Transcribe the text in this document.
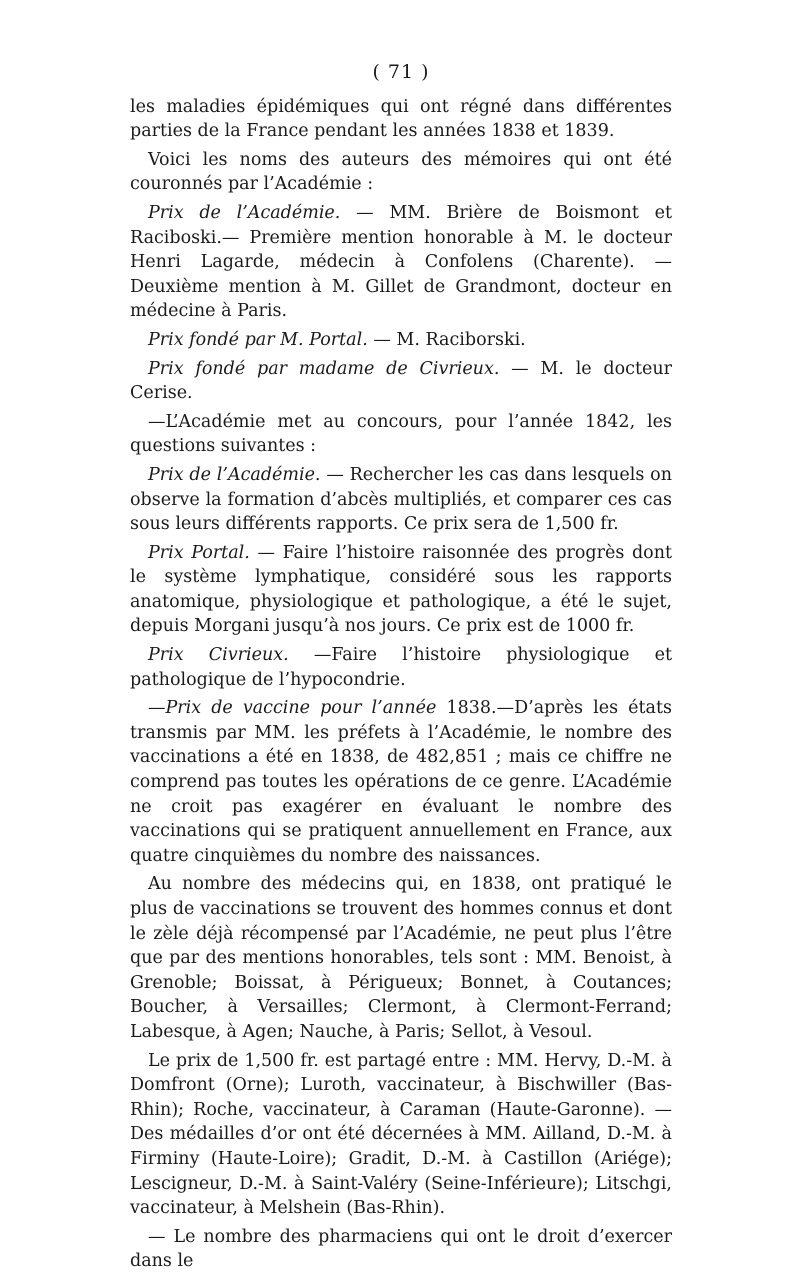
( 71 )

les maladies épidémiques qui ont régné dans différentes parties de la France pendant les années 1838 et 1839.

Voici les noms des auteurs des mémoires qui ont été couronnés par l’Académie :

Prix de l’Académie. — MM. Brière de Boismont et Raciboski.— Première mention honorable à M. le docteur Henri Lagarde, médecin à Confolens (Charente). — Deuxième mention à M. Gillet de Grandmont, docteur en médecine à Paris.

Prix fondé par M. Portal. — M. Raciborski.

Prix fondé par madame de Civrieux. — M. le docteur Cerise.

—L’Académie met au concours, pour l’année 1842, les questions suivantes :

Prix de l’Académie. — Rechercher les cas dans lesquels on observe la formation d’abcès multipliés, et comparer ces cas sous leurs différents rapports. Ce prix sera de 1,500 fr.

Prix Portal. — Faire l’histoire raisonnée des progrès dont le système lymphatique, considéré sous les rapports anatomique, physiologique et pathologique, a été le sujet, depuis Morgani jusqu’à nos jours. Ce prix est de 1000 fr.

Prix Civrieux. —Faire l’histoire physiologique et pathologique de l’hypocondrie.

—Prix de vaccine pour l’année 1838.—D’après les états transmis par MM. les préfets à l’Académie, le nombre des vaccinations a été en 1838, de 482,851 ; mais ce chiffre ne comprend pas toutes les opérations de ce genre. L’Académie ne croit pas exagérer en évaluant le nombre des vaccinations qui se pratiquent annuellement en France, aux quatre cinquièmes du nombre des naissances.

Au nombre des médecins qui, en 1838, ont pratiqué le plus de vaccinations se trouvent des hommes connus et dont le zèle déjà récompensé par l’Académie, ne peut plus l’être que par des mentions honorables, tels sont : MM. Benoist, à Grenoble; Boissat, à Périgueux; Bonnet, à Coutances; Boucher, à Versailles; Clermont, à Clermont-Ferrand; Labesque, à Agen; Nauche, à Paris; Sellot, à Vesoul.

Le prix de 1,500 fr. est partagé entre : MM. Hervy, D.-M. à Domfront (Orne); Luroth, vaccinateur, à Bischwiller (Bas-Rhin); Roche, vaccinateur, à Caraman (Haute-Garonne). — Des médailles d’or ont été décernées à MM. Ailland, D.-M. à Firminy (Haute-Loire); Gradit, D.-M. à Castillon (Ariége); Lescigneur, D.-M. à Saint-Valéry (Seine-Inférieure); Litschgi, vaccinateur, à Melshein (Bas-Rhin).

— Le nombre des pharmaciens qui ont le droit d’exercer dans le
